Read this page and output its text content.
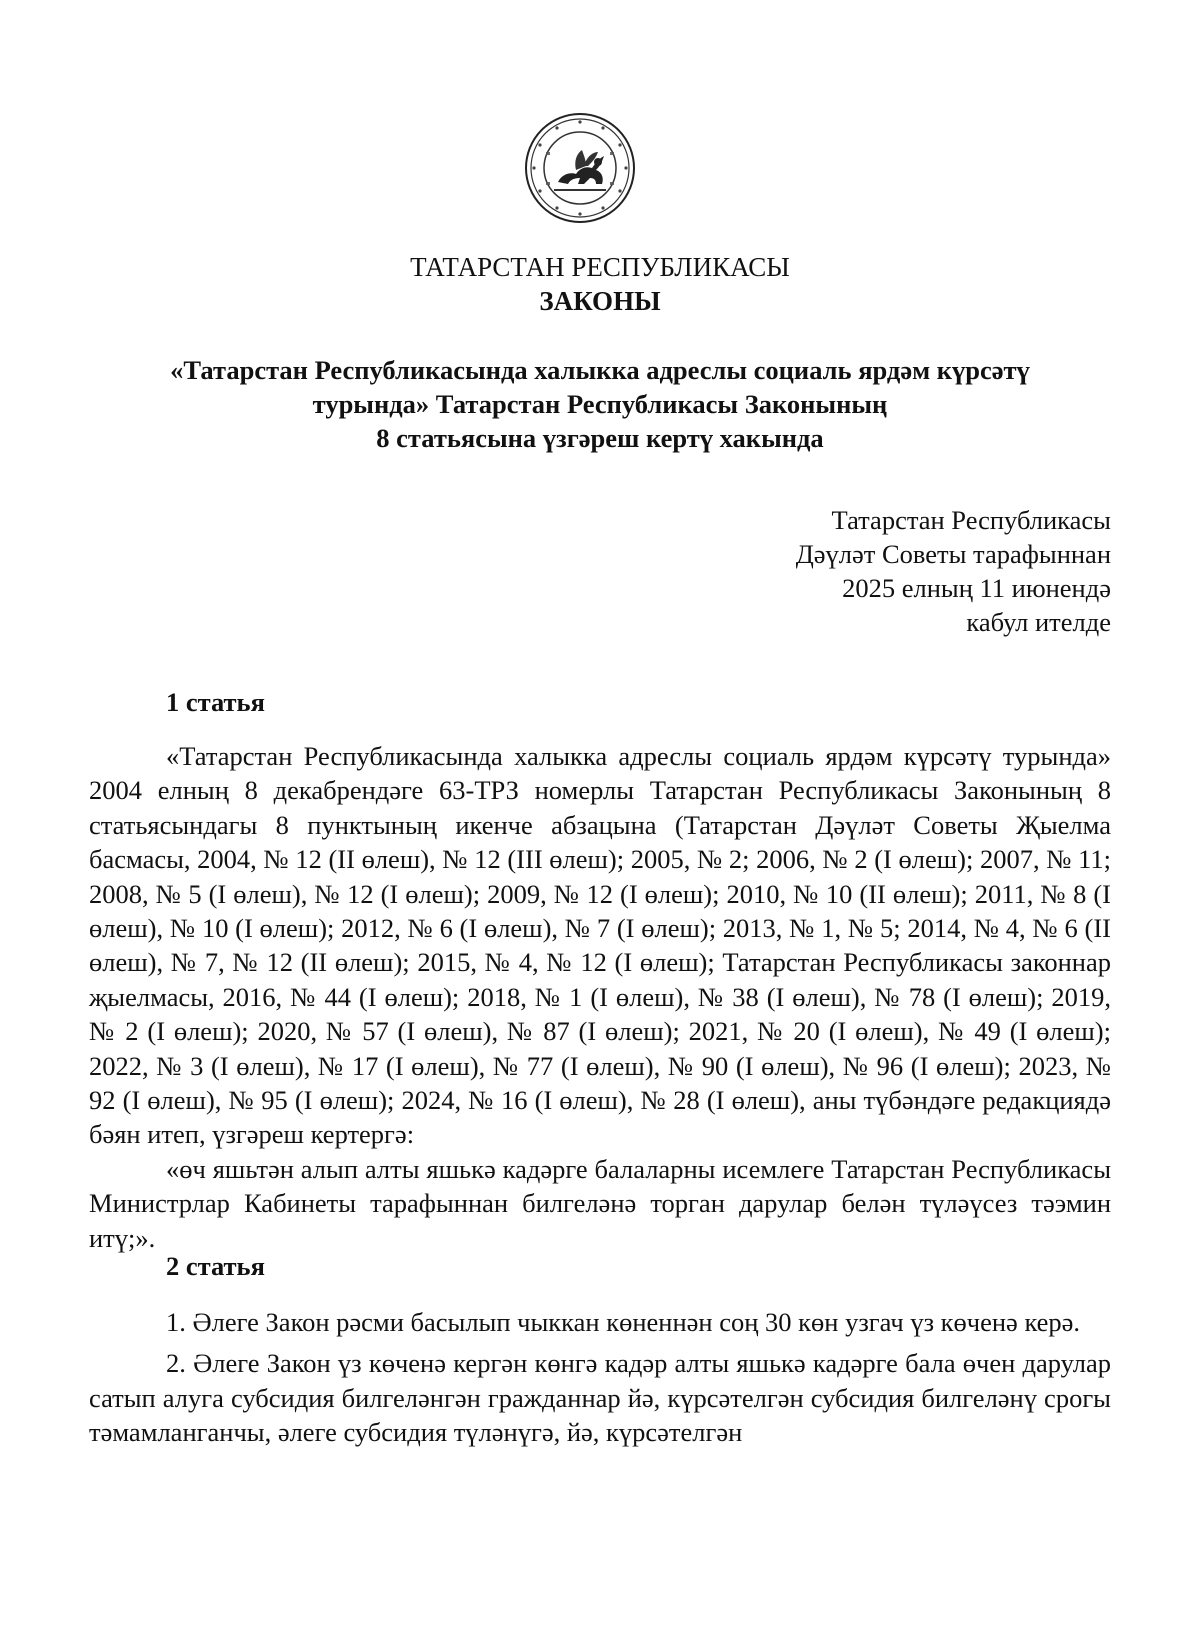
ТАТАРСТАН РЕСПУБЛИКАСЫ
ЗАКОНЫ
«Татарстан Республикасында халыкка адреслы социаль ярдәм күрсәтү
турында» Татарстан Республикасы Законының
8 статьясына үзгәреш кертү хакында
Татарстан Республикасы
Дәүләт Советы тарафыннан
2025 елның 11 июнендә
кабул ителде
1 статья

«Татарстан Республикасында халыкка адреслы социаль ярдәм күрсәтү турында» 2004 елның 8 декабрендәге 63-ТРЗ номерлы Татарстан Республикасы Законының 8 статьясындагы 8 пунктының икенче абзацына (Татарстан Дәүләт Советы Җыелма басмасы, 2004, № 12 (II өлеш), № 12 (III өлеш); 2005, № 2; 2006, № 2 (I өлеш); 2007, № 11; 2008, № 5 (I өлеш), № 12 (I өлеш); 2009, № 12 (I өлеш); 2010, № 10 (II өлеш); 2011, № 8 (I өлеш), № 10 (I өлеш); 2012, № 6 (I өлеш), № 7 (I өлеш); 2013, № 1, № 5; 2014, № 4, № 6 (II өлеш), № 7, № 12 (II өлеш); 2015, № 4, № 12 (I өлеш); Татарстан Республикасы законнар җыелмасы, 2016, № 44 (I өлеш); 2018, № 1 (I өлеш), № 38 (I өлеш), № 78 (I өлеш); 2019, № 2 (I өлеш); 2020, № 57 (I өлеш), № 87 (I өлеш); 2021, № 20 (I өлеш), № 49 (I өлеш); 2022, № 3 (I өлеш), № 17 (I өлеш), № 77 (I өлеш), № 90 (I өлеш), № 96 (I өлеш); 2023, № 92 (I өлеш), № 95 (I өлеш); 2024, № 16 (I өлеш), № 28 (I өлеш), аны түбәндәге редакциядә бәян итеп, үзгәреш кертергә:

«өч яшьтән алып алты яшькә кадәрге балаларны исемлеге Татарстан Республикасы Министрлар Кабинеты тарафыннан билгеләнә торган дарулар белән түләүсез тәэмин итү;».

2 статья

1. Әлеге Закон рәсми басылып чыккан көненнән соң 30 көн узгач үз көченә керә.

2. Әлеге Закон үз көченә кергән көнгә кадәр алты яшькә кадәрге бала өчен дарулар сатып алуга субсидия билгеләнгән гражданнар йә, күрсәтелгән субсидия билгеләнү срогы тәмамланганчы, әлеге субсидия түләнүгә, йә, күрсәтелгән
